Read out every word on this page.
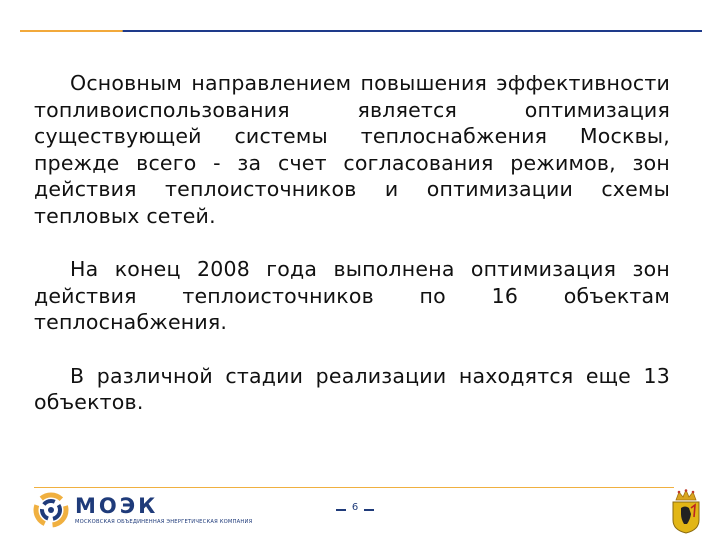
Основным направлением повышения эффективности топливоиспользования является оптимизация существующей системы теплоснабжения Москвы, прежде всего - за счет согласования режимов, зон действия теплоисточников и оптимизации схемы тепловых сетей.

На конец 2008 года выполнена оптимизация зон действия теплоисточников по 16 объектам теплоснабжения.

В различной стадии реализации находятся еще 13 объектов.

МОЭК
МОСКОВСКАЯ ОБЪЕДИНЕННАЯ ЭНЕРГЕТИЧЕСКАЯ КОМПАНИЯ
6
